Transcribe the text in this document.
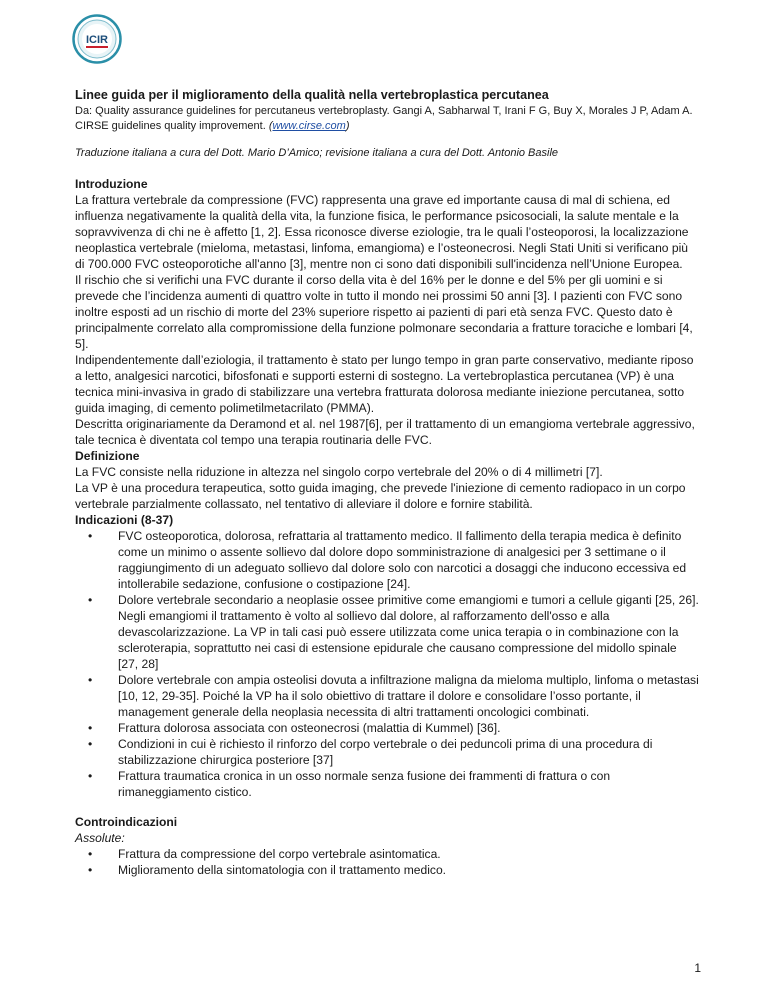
ICIR
Linee guida per il miglioramento della qualità nella vertebroplastica percutanea

Da: Quality assurance guidelines for percutaneus vertebroplasty. Gangi A, Sabharwal T, Irani F G, Buy X, Morales J P, Adam A. CIRSE guidelines quality improvement. (www.cirse.com)

Traduzione italiana a cura del Dott. Mario D’Amico; revisione italiana a cura del Dott. Antonio Basile

Introduzione

La frattura vertebrale da compressione (FVC) rappresenta una grave ed importante causa di mal di schiena, ed influenza negativamente la qualità della vita, la funzione fisica, le performance psicosociali, la salute mentale e la sopravvivenza di chi ne è affetto [1, 2]. Essa riconosce diverse eziologie, tra le quali l’osteoporosi, la localizzazione neoplastica vertebrale (mieloma, metastasi, linfoma, emangioma) e l’osteonecrosi. Negli Stati Uniti si verificano più di 700.000 FVC osteoporotiche all'anno [3], mentre non ci sono dati disponibili sull'incidenza nell’Unione Europea.

Il rischio che si verifichi una FVC durante il corso della vita è del 16% per le donne e del 5% per gli uomini e si prevede che l’incidenza aumenti di quattro volte in tutto il mondo nei prossimi 50 anni [3]. I pazienti con FVC sono inoltre esposti ad un rischio di morte del 23% superiore rispetto ai pazienti di pari età senza FVC. Questo dato è principalmente correlato alla compromissione della funzione polmonare secondaria a fratture toraciche e lombari [4, 5].

Indipendentemente dall’eziologia, il trattamento è stato per lungo tempo in gran parte conservativo, mediante riposo a letto, analgesici narcotici, bifosfonati e supporti esterni di sostegno. La vertebroplastica percutanea (VP) è una tecnica mini-invasiva in grado di stabilizzare una vertebra fratturata dolorosa mediante iniezione percutanea, sotto guida imaging, di cemento polimetilmetacrilato (PMMA).

Descritta originariamente da Deramond et al. nel 1987[6], per il trattamento di un emangioma vertebrale aggressivo, tale tecnica è diventata col tempo una terapia routinaria delle FVC.

Definizione

La FVC consiste nella riduzione in altezza nel singolo corpo vertebrale del 20% o di 4 millimetri [7].

La VP è una procedura terapeutica, sotto guida imaging, che prevede l'iniezione di cemento radiopaco in un corpo vertebrale parzialmente collassato, nel tentativo di alleviare il dolore e fornire stabilità.

Indicazioni (8-37)
• FVC osteoporotica, dolorosa, refrattaria al trattamento medico. Il fallimento della terapia medica è definito come un minimo o assente sollievo dal dolore dopo somministrazione di analgesici per 3 settimane o il raggiungimento di un adeguato sollievo dal dolore solo con narcotici a dosaggi che inducono eccessiva ed intollerabile sedazione, confusione o costipazione [24].
• Dolore vertebrale secondario a neoplasie ossee primitive come emangiomi e tumori a cellule giganti [25, 26]. Negli emangiomi il trattamento è volto al sollievo dal dolore, al rafforzamento dell'osso e alla devascolarizzazione. La VP in tali casi può essere utilizzata come unica terapia o in combinazione con la scleroterapia, soprattutto nei casi di estensione epidurale che causano compressione del midollo spinale [27, 28]
• Dolore vertebrale con ampia osteolisi dovuta a infiltrazione maligna da mieloma multiplo, linfoma o metastasi [10, 12, 29-35]. Poiché la VP ha il solo obiettivo di trattare il dolore e consolidare l’osso portante, il management generale della neoplasia necessita di altri trattamenti oncologici combinati.
• Frattura dolorosa associata con osteonecrosi (malattia di Kummel) [36].
• Condizioni in cui è richiesto il rinforzo del corpo vertebrale o dei peduncoli prima di una procedura di stabilizzazione chirurgica posteriore [37]
• Frattura traumatica cronica in un osso normale senza fusione dei frammenti di frattura o con rimaneggiamento cistico.
Controindicazioni
Assolute:
• Frattura da compressione del corpo vertebrale asintomatica.
• Miglioramento della sintomatologia con il trattamento medico.
1
